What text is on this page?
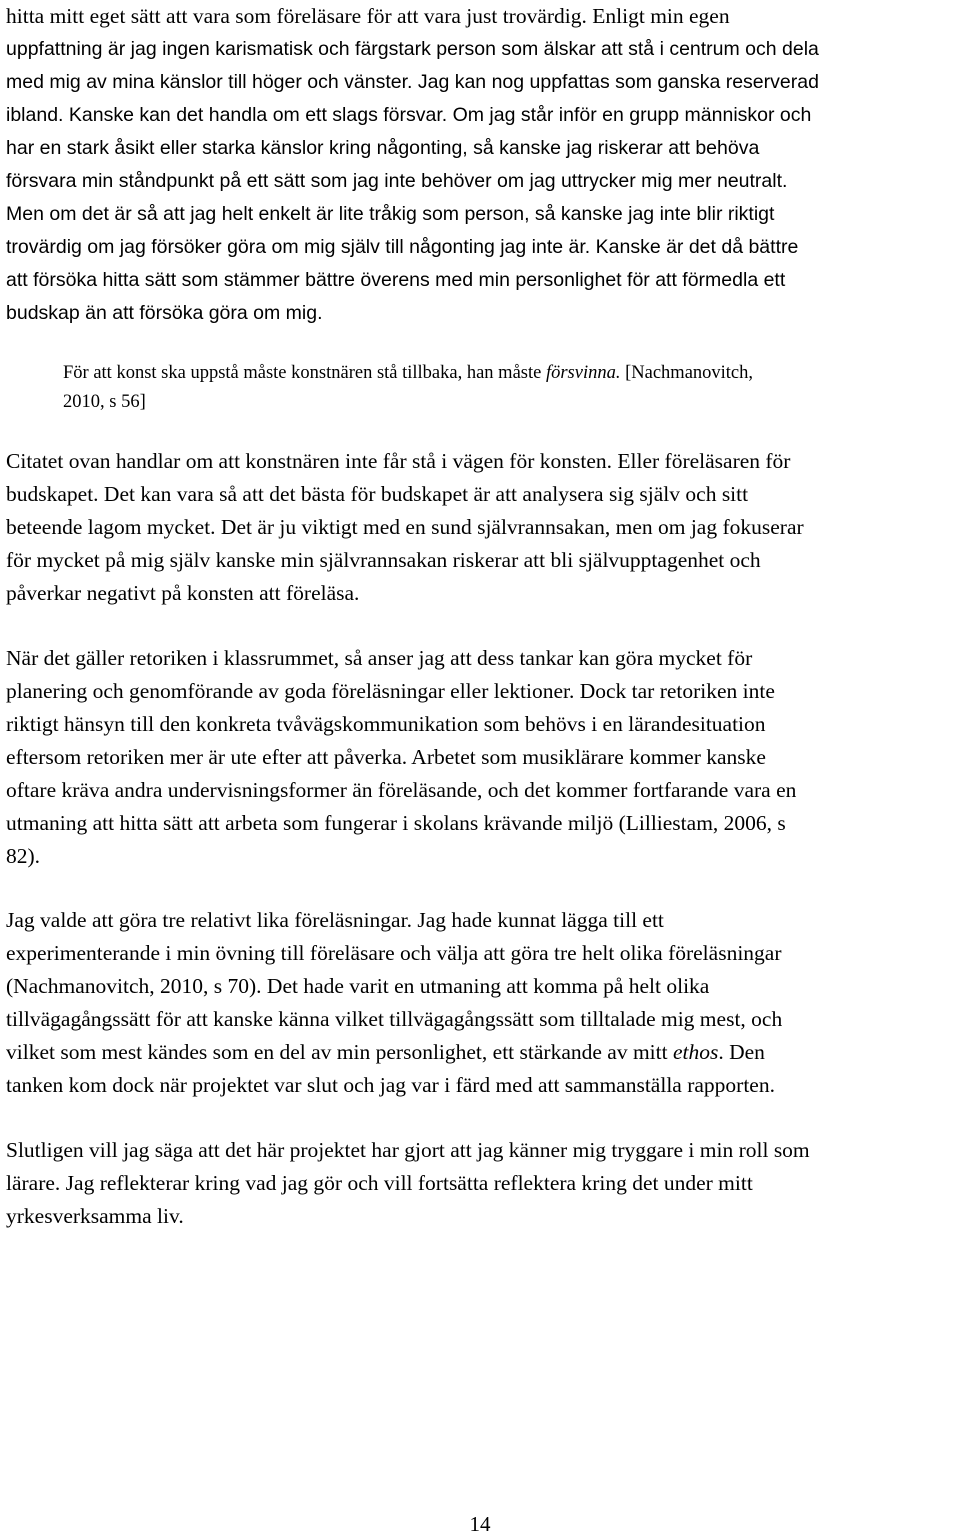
hitta mitt eget sätt att vara som föreläsare för att vara just trovärdig. Enligt min egen
uppfattning är jag ingen karismatisk och färgstark person som älskar att stå i centrum och dela
med mig av mina känslor till höger och vänster. Jag kan nog uppfattas som ganska reserverad
ibland. Kanske kan det handla om ett slags försvar. Om jag står inför en grupp människor och
har en stark åsikt eller starka känslor kring någonting, så kanske jag riskerar att behöva
försvara min ståndpunkt på ett sätt som jag inte behöver om jag uttrycker mig mer neutralt.
Men om det är så att jag helt enkelt är lite tråkig som person, så kanske jag inte blir riktigt
trovärdig om jag försöker göra om mig själv till någonting jag inte är. Kanske är det då bättre
att försöka hitta sätt som stämmer bättre överens med min personlighet för att förmedla ett
budskap än att försöka göra om mig.
För att konst ska uppstå måste konstnären stå tillbaka, han måste försvinna. [Nachmanovitch,
2010, s 56]
Citatet ovan handlar om att konstnären inte får stå i vägen för konsten. Eller föreläsaren för
budskapet. Det kan vara så att det bästa för budskapet är att analysera sig själv och sitt
beteende lagom mycket. Det är ju viktigt med en sund självrannsakan, men om jag fokuserar
för mycket på mig själv kanske min självrannsakan riskerar att bli självupptagenhet och
påverkar negativt på konsten att föreläsa.
När det gäller retoriken i klassrummet, så anser jag att dess tankar kan göra mycket för
planering och genomförande av goda föreläsningar eller lektioner. Dock tar retoriken inte
riktigt hänsyn till den konkreta tvåvägskommunikation som behövs i en lärandesituation
eftersom retoriken mer är ute efter att påverka. Arbetet som musiklärare kommer kanske
oftare kräva andra undervisningsformer än föreläsande, och det kommer fortfarande vara en
utmaning att hitta sätt att arbeta som fungerar i skolans krävande miljö (Lilliestam, 2006, s
82).
Jag valde att göra tre relativt lika föreläsningar. Jag hade kunnat lägga till ett
experimenterande i min övning till föreläsare och välja att göra tre helt olika föreläsningar
(Nachmanovitch, 2010, s 70). Det hade varit en utmaning att komma på helt olika
tillvägagångssätt för att kanske känna vilket tillvägagångssätt som tilltalade mig mest, och
vilket som mest kändes som en del av min personlighet, ett stärkande av mitt ethos. Den
tanken kom dock när projektet var slut och jag var i färd med att sammanställa rapporten.
Slutligen vill jag säga att det här projektet har gjort att jag känner mig tryggare i min roll som
lärare. Jag reflekterar kring vad jag gör och vill fortsätta reflektera kring det under mitt
yrkesverksamma liv.
14
